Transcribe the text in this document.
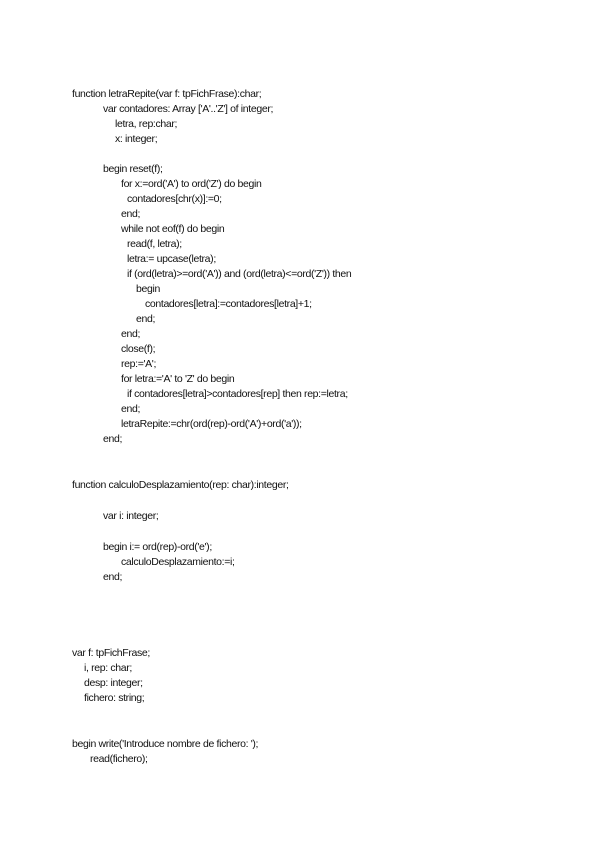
function letraRepite(var f: tpFichFrase):char;
var contadores: Array ['A'..'Z'] of integer;
letra, rep:char;
x: integer;
begin reset(f);
for x:=ord('A') to ord('Z') do begin
contadores[chr(x)]:=0;
end;
while not eof(f) do begin
read(f, letra);
letra:= upcase(letra);
if (ord(letra)>=ord('A')) and (ord(letra)<=ord('Z')) then
begin
contadores[letra]:=contadores[letra]+1;
end;
end;
close(f);
rep:='A';
for letra:='A' to 'Z' do begin
if contadores[letra]>contadores[rep] then rep:=letra;
end;
letraRepite:=chr(ord(rep)-ord('A')+ord('a'));
end;
function calculoDesplazamiento(rep: char):integer;
var i: integer;
begin i:= ord(rep)-ord('e');
calculoDesplazamiento:=i;
end;
var f: tpFichFrase;
i, rep: char;
desp: integer;
fichero: string;
begin write('Introduce nombre de fichero: ');
read(fichero);
